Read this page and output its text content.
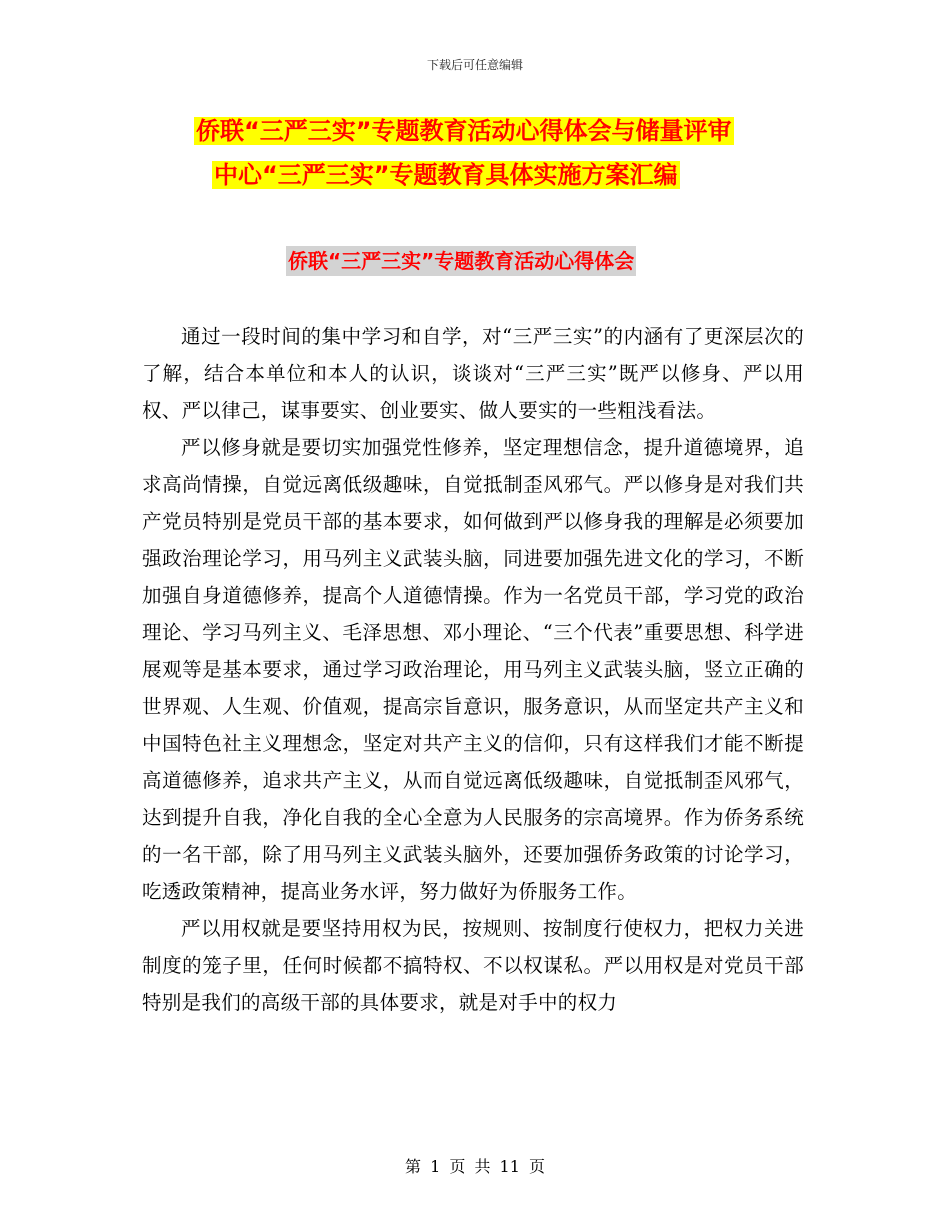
下载后可任意编辑
侨联“三严三实”专题教育活动心得体会与储量评审
中心“三严三实”专题教育具体实施方案汇编
侨联“三严三实”专题教育活动心得体会

通过一段时间的集中学习和自学，对“三严三实”的内涵有了更深层次的了解，结合本单位和本人的认识，谈谈对“三严三实”既严以修身、严以用权、严以律己，谋事要实、创业要实、做人要实的一些粗浅看法。

严以修身就是要切实加强党性修养，坚定理想信念，提升道德境界，追求高尚情操，自觉远离低级趣味，自觉抵制歪风邪气。严以修身是对我们共产党员特别是党员干部的基本要求，如何做到严以修身我的理解是必须要加强政治理论学习，用马列主义武装头脑，同进要加强先进文化的学习，不断加强自身道德修养，提高个人道德情操。作为一名党员干部，学习党的政治理论、学习马列主义、毛泽思想、邓小理论、“三个代表”重要思想、科学进展观等是基本要求，通过学习政治理论，用马列主义武装头脑，竖立正确的世界观、人生观、价值观，提高宗旨意识，服务意识，从而坚定共产主义和中国特色社主义理想念，坚定对共产主义的信仰，只有这样我们才能不断提高道德修养，追求共产主义，从而自觉远离低级趣味，自觉抵制歪风邪气，达到提升自我，净化自我的全心全意为人民服务的宗高境界。作为侨务系统的一名干部，除了用马列主义武装头脑外，还要加强侨务政策的讨论学习，吃透政策精神，提高业务水评，努力做好为侨服务工作。

严以用权就是要坚持用权为民，按规则、按制度行使权力，把权力关进制度的笼子里，任何时候都不搞特权、不以权谋私。严以用权是对党员干部特别是我们的高级干部的具体要求，就是对手中的权力

第 1 页 共 11 页
